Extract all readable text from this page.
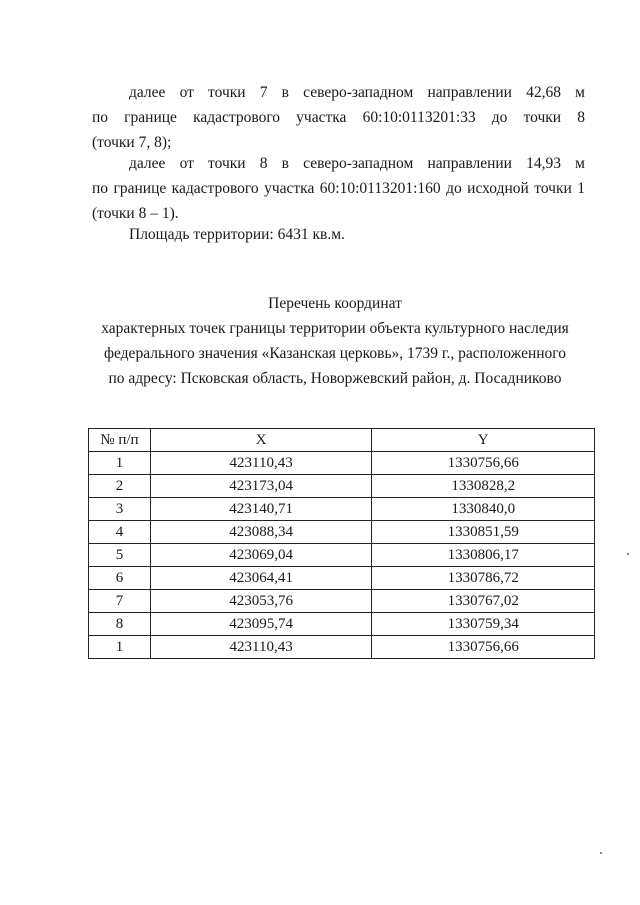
далее от точки 7 в северо-западном направлении 42,68 м
по границе кадастрового участка 60:10:0113201:33 до точки 8
(точки 7, 8);

далее от точки 8 в северо-западном направлении 14,93 м
по границе кадастрового участка 60:10:0113201:160 до исходной точки 1
(точки 8 – 1).

Площадь территории: 6431 кв.м.

Перечень координат
характерных точек границы территории объекта культурного наследия
федерального значения «Казанская церковь», 1739 г., расположенного
по адресу: Псковская область, Новоржевский район, д. Посадниково
№ п/п	X	Y
1	423110,43	1330756,66
2	423173,04	1330828,2
3	423140,71	1330840,0
4	423088,34	1330851,59
5	423069,04	1330806,17
6	423064,41	1330786,72
7	423053,76	1330767,02
8	423095,74	1330759,34
1	423110,43	1330756,66
